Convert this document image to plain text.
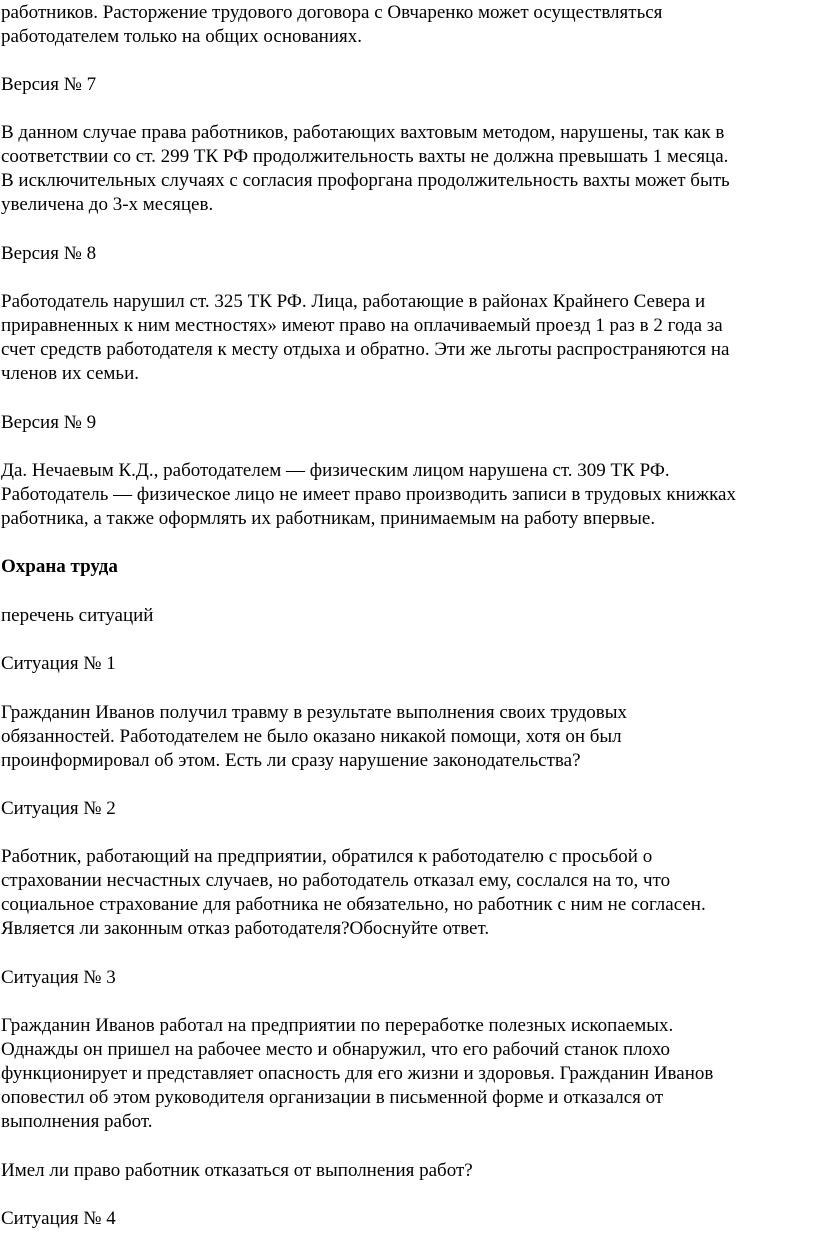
работников. Расторжение трудового договора с Овчаренко может осуществляться

работодателем только на общих основаниях.

Версия № 7

В данном случае права работников, работающих вахтовым методом, нарушены, так как в

соответствии со ст. 299 ТК РФ продолжительность вахты не должна превышать 1 месяца.

В исключительных случаях с согласия профоргана продолжительность вахты может быть

увеличена до 3-х месяцев.

Версия № 8

Работодатель нарушил ст. 325 ТК РФ. Лица, работающие в районах Крайнего Севера и

приравненных к ним местностях» имеют право на оплачиваемый проезд 1 раз в 2 года за

счет средств работодателя к месту отдыха и обратно. Эти же льготы распространяются на

членов их семьи.

Версия № 9

Да. Нечаевым К.Д., работодателем — физическим лицом нарушена ст. 309 ТК РФ.

Работодатель — физическое лицо не имеет право производить записи в трудовых книжках

работника, а также оформлять их работникам, принимаемым на работу впервые.

Охрана труда

перечень ситуаций

Ситуация № 1

Гражданин Иванов получил травму в результате выполнения своих трудовых

обязанностей. Работодателем не было оказано никакой помощи, хотя он был

проинформировал об этом. Есть ли сразу нарушение законодательства?

Ситуация № 2

Работник, работающий на предприятии, обратился к работодателю с просьбой о

страховании несчастных случаев, но работодатель отказал ему, сослался на то, что

социальное страхование для работника не обязательно, но работник с ним не согласен.

Является ли законным отказ работодателя?Обоснуйте ответ.

Ситуация № 3

Гражданин Иванов работал на предприятии по переработке полезных ископаемых.

Однажды он пришел на рабочее место и обнаружил, что его рабочий станок плохо

функционирует и представляет опасность для его жизни и здоровья. Гражданин Иванов

оповестил об этом руководителя организации в письменной форме и отказался от

выполнения работ.

Имел ли право работник отказаться от выполнения работ?

Ситуация № 4
